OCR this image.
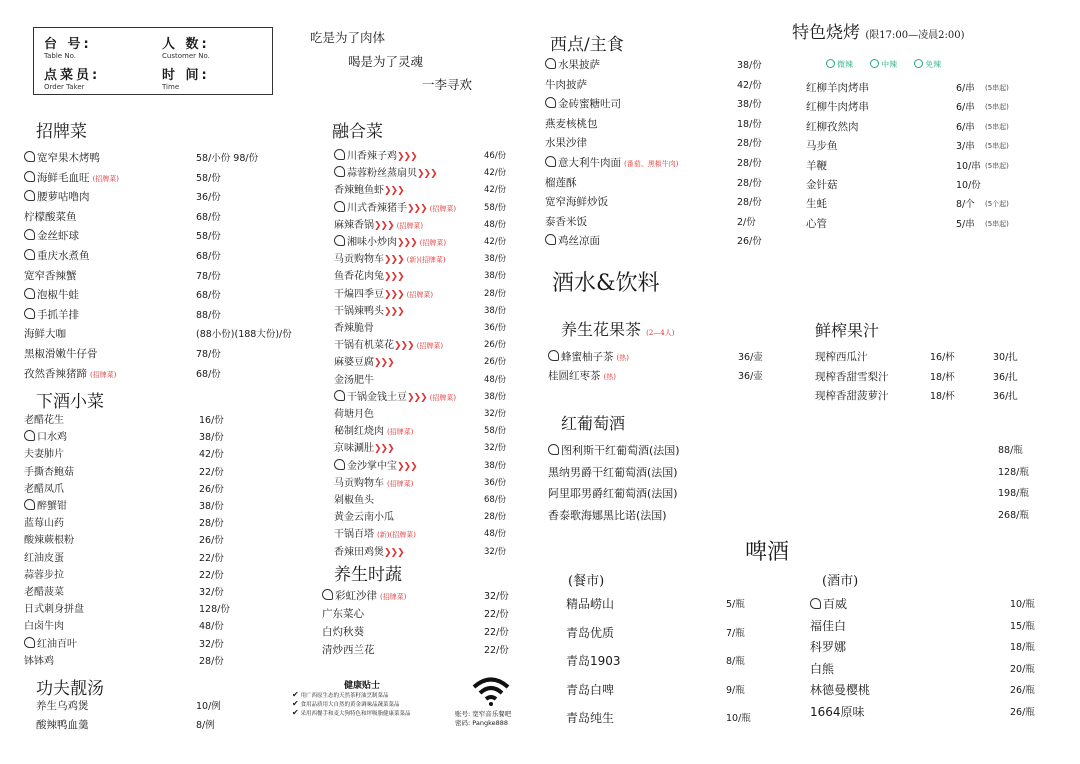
台 号:
Table No.
人 数:
Customer No.
点菜员:
Order Taker
时 间:
Time
吃是为了肉体
喝是为了灵魂
一李寻欢
招牌菜
下酒小菜
功夫靓汤
融合菜
养生时蔬
西点/主食
特色烧烤 (限17:00—凌晨2:00)
微辣	中辣	免辣
酒水&饮料
养生花果茶 (2—4人)	鲜榨果汁
红葡萄酒
啤酒
(餐市)	(酒市)
宽窄果木烤鸭	58/小份 98/份
海鲜毛血旺 (招牌菜)	58/份
腰萝咕噜肉	36/份
柠檬酸菜鱼	68/份
金丝虾球	58/份
重庆水煮鱼	68/份
宽窄香辣蟹	78/份
泡椒牛蛙	68/份
手抓羊排	88/份
海鲜大咖	(88小份)(188大份)/份
黑椒滑嫩牛仔骨	78/份
孜然香辣猪蹄 (招牌菜)	68/份
老醋花生	16/份
口水鸡	38/份
夫妻肺片	42/份
手撕杏鲍菇	22/份
老醋凤爪	26/份
醉蟹钳	38/份
蓝莓山药	28/份
酸辣蕨根粉	26/份
红油皮蛋	22/份
蒜蓉步拉	22/份
老醋菠菜	32/份
日式刺身拼盘	128/份
白卤牛肉	48/份
红油百叶	32/份
钵钵鸡	28/份
养生乌鸡煲	10/例
酸辣鸭血羹	8/例
川香辣子鸡❯❯❯	46/份
蒜蓉粉丝蒸扇贝❯❯❯	42/份
香辣鲍鱼虾❯❯❯	42/份
川式香辣猪手❯❯❯ (招牌菜)	58/份
麻辣香锅❯❯❯ (招牌菜)	48/份
湘味小炒肉❯❯❯ (招牌菜)	42/份
马贡购物车❯❯❯ (新)(招牌菜)	38/份
鱼香花肉兔❯❯❯	38/份
干煸四季豆❯❯❯ (招牌菜)	28/份
干锅辣鸭头❯❯❯	38/份
香辣脆骨	36/份
干锅有机菜花❯❯❯ (招牌菜)	26/份
麻婆豆腐❯❯❯	26/份
金汤肥牛	48/份
干锅金钱土豆❯❯❯ (招牌菜)	38/份
荷塘月色	32/份
秘制红烧肉 (招牌菜)	58/份
京味涮肚❯❯❯	32/份
金沙掌中宝❯❯❯	38/份
马贡购物车 (招牌菜)	36/份
剁椒鱼头	68/份
黄金云南小瓜	28/份
干锅百塔 (新)(招牌菜)	48/份
香辣田鸡煲❯❯❯	32/份
彩虹沙律 (招牌菜)	32/份
广东菜心	22/份
白灼秋葵	22/份
清炒西兰花	22/份
水果披萨	38/份
牛肉披萨	42/份
金砖蜜糖吐司	38/份
燕麦核桃包	18/份
水果沙律	28/份
意大利牛肉面 (番茄、黑椒牛肉)	28/份
榴莲酥	28/份
宽窄海鲜炒饭	28/份
泰香米饭	2/份
鸡丝凉面	26/份
红柳羊肉烤串	6/串 (5串起)
红柳牛肉烤串	6/串 (5串起)
红柳孜然肉	6/串 (5串起)
马步鱼	3/串 (5串起)
羊鞭	10/串 (5串起)
金针菇	10/份
生蚝	8/个 (5个起)
心管	5/串 (5串起)
蜂蜜柚子茶 (热)	36/壶
桂圆红枣茶 (热)	36/壶
现榨西瓜汁	16/杯	30/扎
现榨香甜雪梨汁	18/杯	36/扎
现榨香甜菠萝汁	18/杯	36/扎
图利斯干红葡萄酒(法国)	88/瓶
黑纳男爵干红葡萄酒(法国)	128/瓶
阿里耶男爵红葡萄酒(法国)	198/瓶
香泰歌海娜黑比诺(法国)	268/瓶
精品崂山	5/瓶
青岛优质	7/瓶
青岛1903	8/瓶
青岛白啤	9/瓶
青岛纯生	10/瓶
百威	10/瓶
福佳白	15/瓶
科罗娜	18/瓶
白熊	20/瓶
林德曼樱桃	26/瓶
1664原味	26/瓶
健康贴士
✔ 用广西原生态的天然茶籽油烹制菜品
✔ 食用品质用大自然的黄金调味品蔬菜菜品
✔ 采用西餐手和麦大狗特色和坪吸脂健康菜菜品	账号: 宽窄音乐餐吧
密码: Pangke888
